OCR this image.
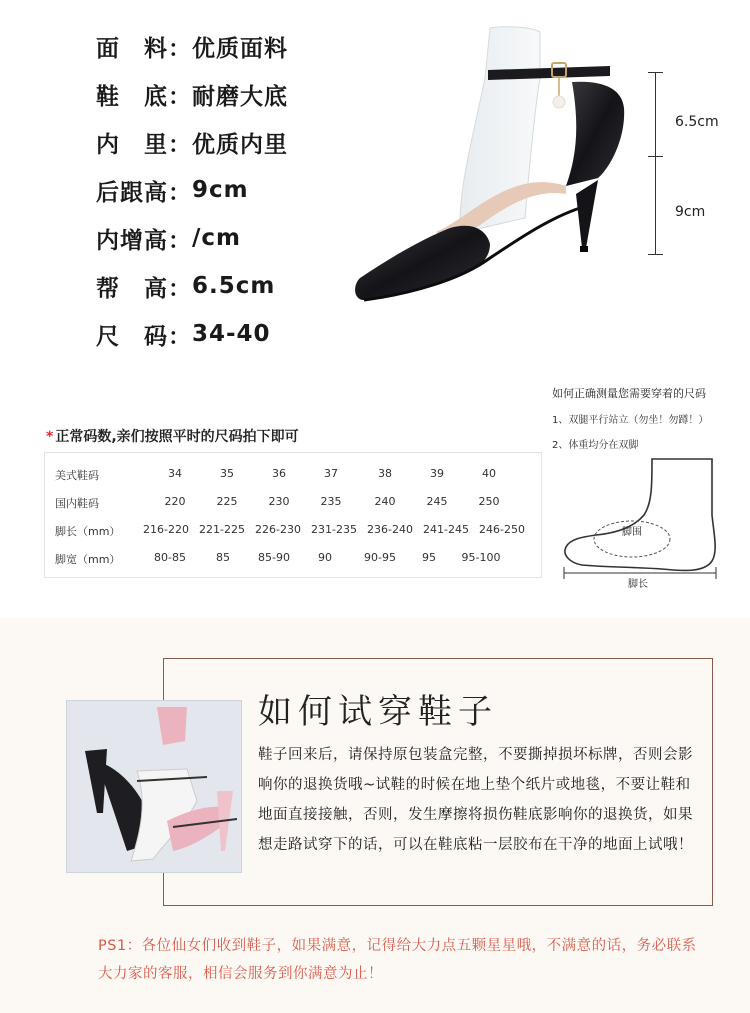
面　料： 优质面料
鞋　底： 耐磨大底
内　里： 优质内里
后跟高： 9cm
内增高： /cm
帮　高： 6.5cm
尺　码： 34-40
6.5cm
9cm
* 正常码数,亲们按照平时的尺码拍下即可
美式鞋码	34	35	36	37	38	39	40
国内鞋码	220	225	230	235	240	245	250
脚长（mm）	216-220 221-225 226-230 231-235 236-240 241-245 246-250
脚宽（mm）	80-85	85	85-90	90	90-95	95	95-100
如何正确测量您需要穿着的尺码
1、双腿平行站立（勿坐！勿蹲！）
2、体重均分在双脚
脚围
脚长
如何试穿鞋子
鞋子回来后，请保持原包装盒完整，不要撕掉损坏标牌，否则会影响你的退换货哦~试鞋的时候在地上垫个纸片或地毯，不要让鞋和地面直接接触，否则，发生摩擦将损伤鞋底影响你的退换货，如果想走路试穿下的话，可以在鞋底粘一层胶布在干净的地面上试哦！
PS1：各位仙女们收到鞋子，如果满意，记得给大力点五颗星星哦，不满意的话，务必联系大力家的客服，相信会服务到你满意为止！
